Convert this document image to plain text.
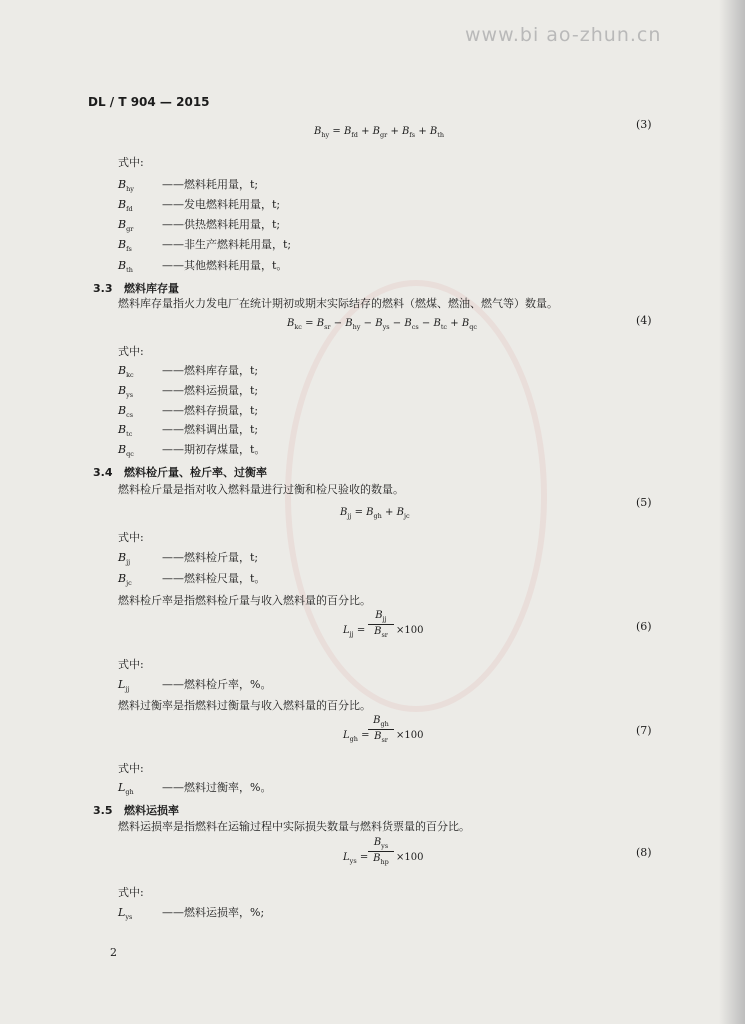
www.bi ao-zhun.cn
DL / T 904 — 2015
$B_{hy} = B_{fd} + B_{gr} + B_{fs} + B_{th}$
(3)
式中:
$B_{hy}$	——燃料耗用量，t;
$B_{fd}$	——发电燃料耗用量，t;
$B_{gr}$	——供热燃料耗用量，t;
$B_{fs}$	——非生产燃料耗用量，t;
$B_{th}$	——其他燃料耗用量，t。
3.3 燃料库存量
燃料库存量指火力发电厂在统计期初或期末实际结存的燃料（燃煤、燃油、燃气等）数量。
$B_{kc} = B_{sr} - B_{hy} - B_{ys} - B_{cs} - B_{tc} + B_{qc}$	(4)
式中:
$B_{kc}$	——燃料库存量，t;
$B_{ys}$	——燃料运损量，t;
$B_{cs}$	——燃料存损量，t;
$B_{tc}$	——燃料调出量，t;
$B_{qc}$	——期初存煤量，t。
3.4 燃料检斤量、检斤率、过衡率
燃料检斤量是指对收入燃料量进行过衡和检尺验收的数量。
$B_{jj} = B_{gh} + B_{jc}$
(5)
式中:
$B_{jj}$	——燃料检斤量，t;
$B_{jc}$	——燃料检尺量，t。
燃料检斤率是指燃料检斤量与收入燃料量的百分比。
$L_{jj}$ =
$B_{jj}$
$B_{sr} \times 100$	(6)
式中:
$L_{jj}$	——燃料检斤率，%。
燃料过衡率是指燃料过衡量与收入燃料量的百分比。
$L_{gh}$ =
$B_{gh}$
$B_{sr} \times 100$	(7)
式中:
$L_{gh}$	——燃料过衡率，%。
3.5 燃料运损率
燃料运损率是指燃料在运输过程中实际损失数量与燃料货票量的百分比。
$L_{ys}$ =
$B_{ys}$
$B_{hp} \times 100$	(8)
式中:
$L_{ys}$	——燃料运损率，%;
2
